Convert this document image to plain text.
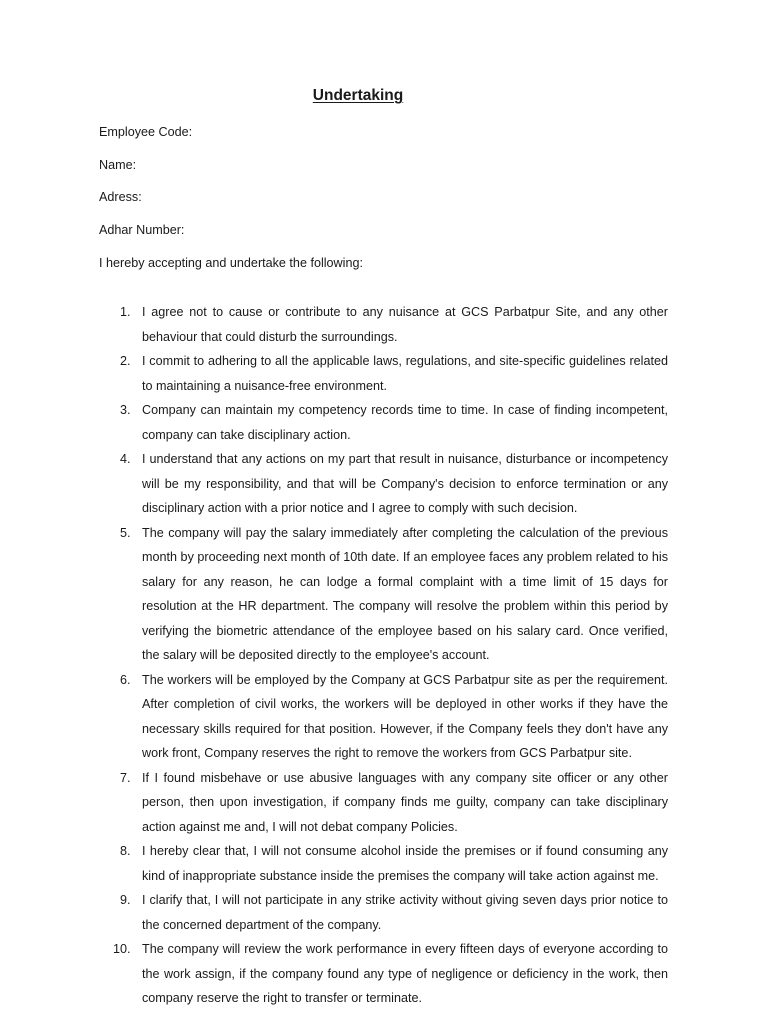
Undertaking
Employee Code:
Name:
Adress:
Adhar Number:
I hereby accepting and undertake the following:
1. I agree not to cause or contribute to any nuisance at GCS Parbatpur Site, and any other behaviour that could disturb the surroundings.
2. I commit to adhering to all the applicable laws, regulations, and site-specific guidelines related to maintaining a nuisance-free environment.
3. Company can maintain my competency records time to time. In case of finding incompetent, company can take disciplinary action.
4. I understand that any actions on my part that result in nuisance, disturbance or incompetency will be my responsibility, and that will be Company's decision to enforce termination or any disciplinary action with a prior notice and I agree to comply with such decision.
5. The company will pay the salary immediately after completing the calculation of the previous month by proceeding next month of 10th date. If an employee faces any problem related to his salary for any reason, he can lodge a formal complaint with a time limit of 15 days for resolution at the HR department. The company will resolve the problem within this period by verifying the biometric attendance of the employee based on his salary card. Once verified, the salary will be deposited directly to the employee's account.
6. The workers will be employed by the Company at GCS Parbatpur site as per the requirement. After completion of civil works, the workers will be deployed in other works if they have the necessary skills required for that position. However, if the Company feels they don't have any work front, Company reserves the right to remove the workers from GCS Parbatpur site.
7. If I found misbehave or use abusive languages with any company site officer or any other person, then upon investigation, if company finds me guilty, company can take disciplinary action against me and, I will not debat company Policies.
8. I hereby clear that, I will not consume alcohol inside the premises or if found consuming any kind of inappropriate substance inside the premises the company will take action against me.
9. I clarify that, I will not participate in any strike activity without giving seven days prior notice to the concerned department of the company.
10. The company will review the work performance in every fifteen days of everyone according to the work assign, if the company found any type of negligence or deficiency in the work, then company reserve the right to transfer or terminate.
